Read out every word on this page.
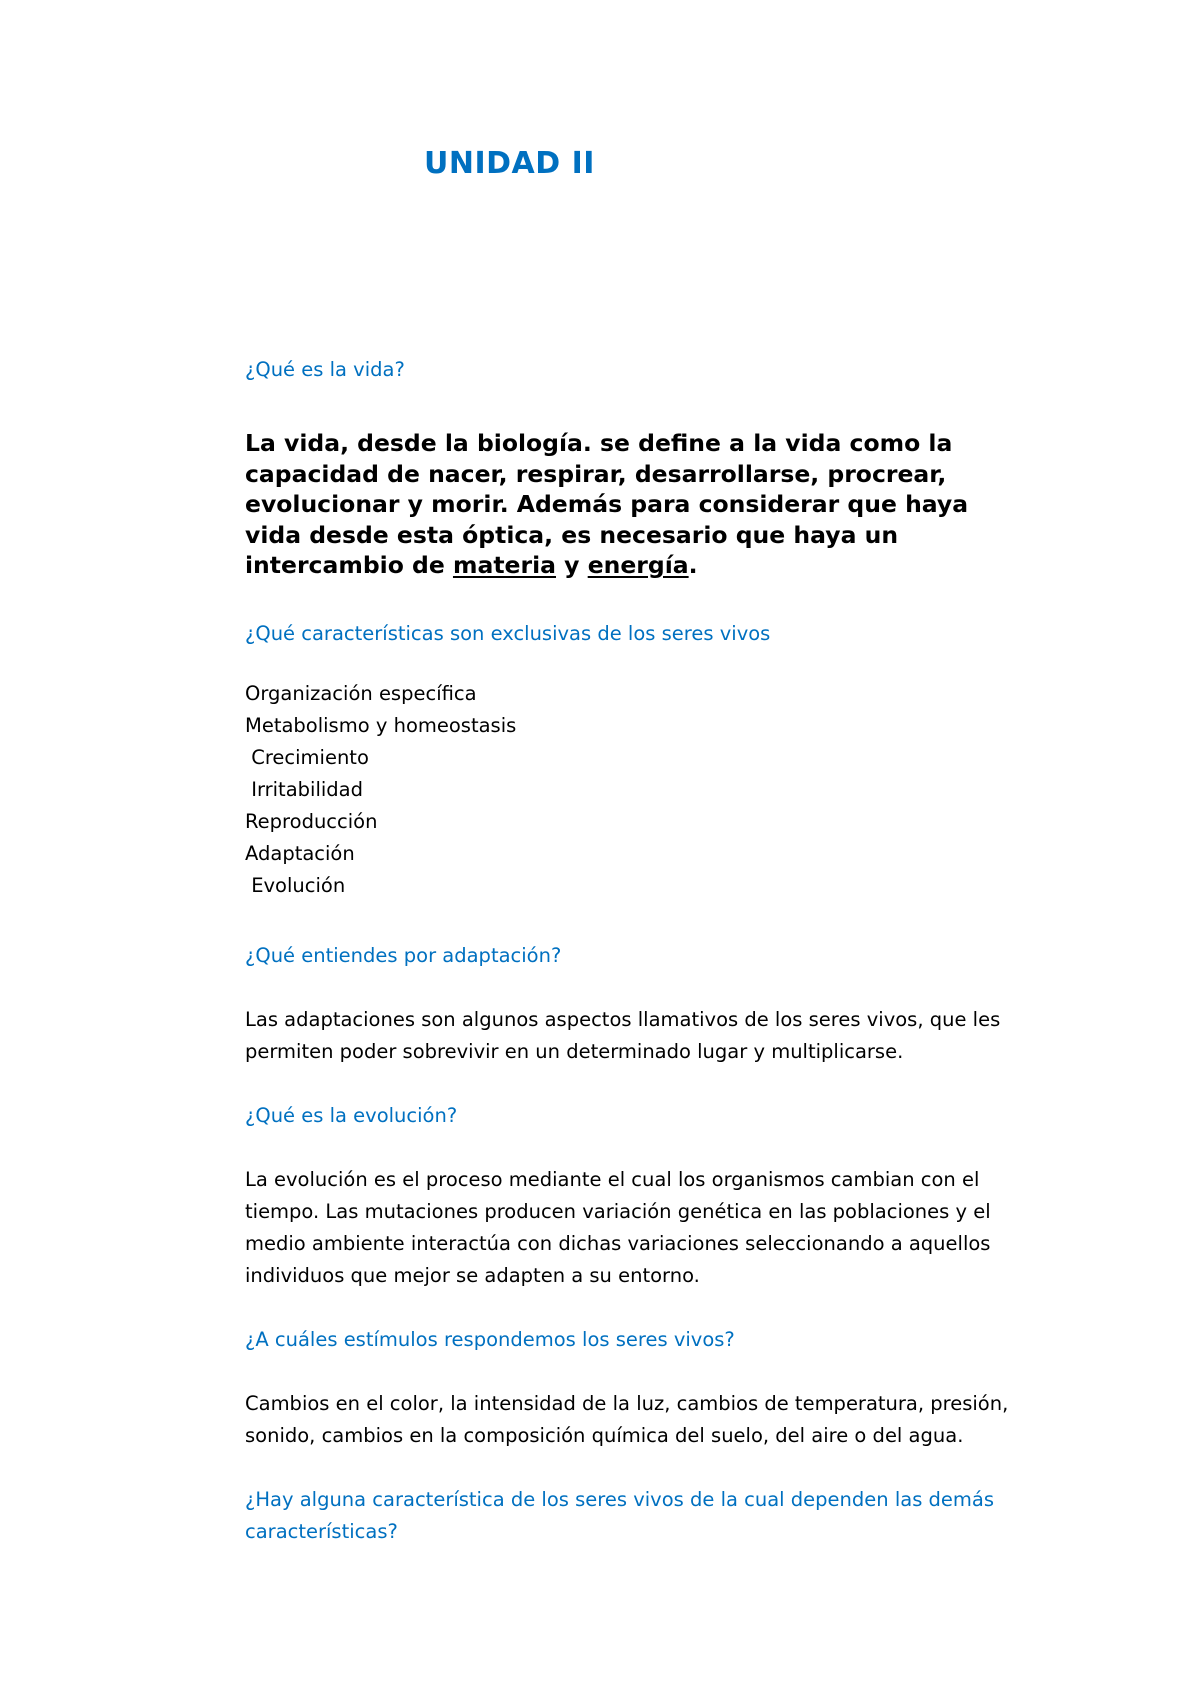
UNIDAD II
¿Qué es la vida?
La vida, desde la biología. se define a la vida como la capacidad de nacer, respirar, desarrollarse, procrear, evolucionar y morir. Además para considerar que haya vida desde esta óptica, es necesario que haya un intercambio de materia y energía.
¿Qué características son exclusivas de los seres vivos
Organización específica
Metabolismo y homeostasis
Crecimiento
Irritabilidad
Reproducción
Adaptación
Evolución
¿Qué entiendes por adaptación?
Las adaptaciones son algunos aspectos llamativos de los seres vivos, que les
permiten poder sobrevivir en un determinado lugar y multiplicarse.
¿Qué es la evolución?
La evolución es el proceso mediante el cual los organismos cambian con el
tiempo. Las mutaciones producen variación genética en las poblaciones y el
medio ambiente interactúa con dichas variaciones seleccionando a aquellos
individuos que mejor se adapten a su entorno.
¿A cuáles estímulos respondemos los seres vivos?
Cambios en el color, la intensidad de la luz, cambios de temperatura, presión,
sonido, cambios en la composición química del suelo, del aire o del agua.
¿Hay alguna característica de los seres vivos de la cual dependen las demás
características?
